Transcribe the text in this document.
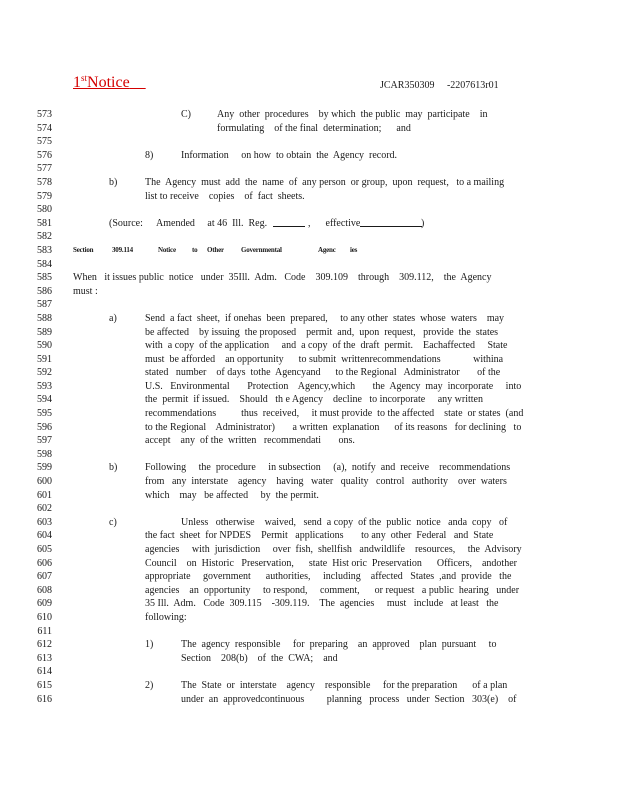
1stNotice	JCAR350309     -2207613r01
573	C)	Any  other  procedures    by which  the public  may  participate    in
574	formulating    of the final  determination;      and
575
576	8)	Information     on how  to obtain  the  Agency  record.
577
578	b)	The  Agency  must  add  the  name  of  any person  or group,  upon  request,   to a mailing
579	list to receive    copies    of  fact  sheets.
580
581	(Source: Amended     at 46  Ill.  Reg.	,      effective	)
582
583	Section	309.114	Notice to Other Governmental	Agenc ies
584
585 When   it issues public  notice   under  35Ill.  Adm.   Code    309.109    through    309.112,    the  Agency
586 must :
587
588	a)	Send  a fact  sheet,  if onehas  been  prepared,     to any other  states  whose  waters    may
589	be affected    by issuing  the proposed    permit  and,  upon  request,   provide  the  states
590	with  a copy  of the application     and  a copy  of the  draft  permit.    Eachaffected     State
591	must  be afforded    an opportunity      to submit  writtenrecommendations             withina
592	stated   number    of days  tothe  Agencyand      to the Regional   Administrator       of the
593	U.S.   Environmental       Protection    Agency,which       the  Agency  may  incorporate     into
594	the  permit  if issued.    Should   th e Agency    decline   to incorporate     any written
595	recommendations          thus  received,     it must provide  to the affected    state  or states  (and
596	to the Regional    Administrator)       a written  explanation      of its reasons   for declining   to
597	accept    any  of the  written   recommendati       ons.
598
599	b)	Following     the  procedure     in subsection     (a),  notify  and  receive    recommendations
600	from   any  interstate    agency    having   water   quality   control   authority    over  waters
601	which    may   be affected     by  the permit.
602
603	c)	Unless   otherwise    waived,   send  a copy  of the  public  notice   anda  copy   of
604	the fact  sheet  for NPDES    Permit   applications       to any  other  Federal   and  State
605	agencies     with  jurisdiction     over  fish,  shellfish   andwildlife    resources,     the  Advisory
606	Council    on  Historic   Preservation,      state  Hist oric  Preservation      Officers,    andother
607	appropriate     government      authorities,     including    affected   States  ,and  provide   the
608	agencies    an  opportunity     to respond,     comment,      or request   a public  hearing   under
609	35 Ill.  Adm.   Code  309.115    -309.119.    The  agencies     must   include   at least   the
610	following:
611
612	1)	The  agency  responsible     for  preparing    an  approved    plan  pursuant     to
613	Section    208(b)    of  the  CWA;    and
614
615	2)	The  State  or  interstate    agency    responsible     for the preparation      of a plan
616	under  an  approvedcontinuous         planning   process   under  Section   303(e)    of
